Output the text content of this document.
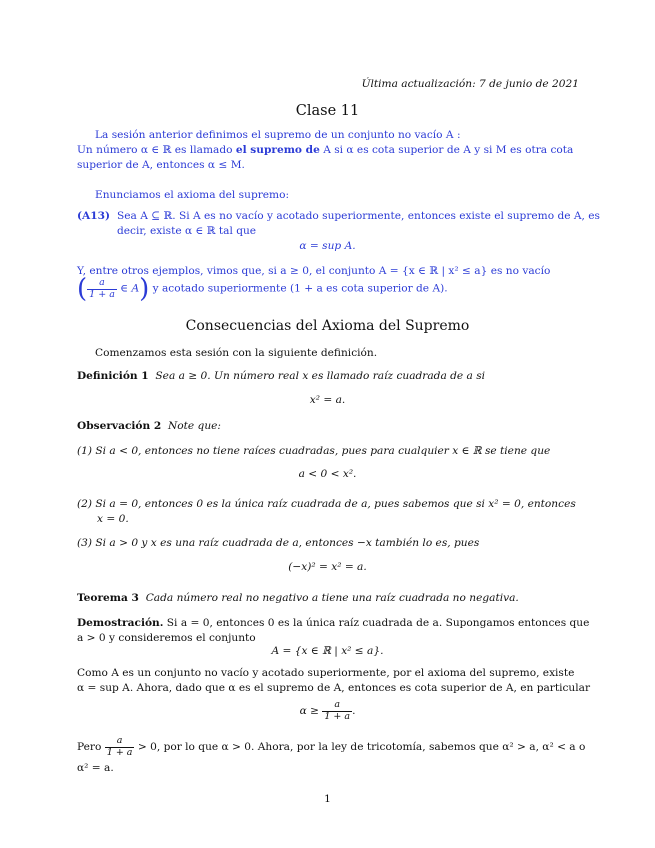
Última actualización: 7 de junio de 2021
Clase 11
La sesión anterior definimos el supremo de un conjunto no vacío A :
Un número α ∈ ℝ es llamado el supremo de A si α es cota superior de A y si M es otra cota
superior de A, entonces α ≤ M.
Enunciamos el axioma del supremo:
(A13) Sea A ⊆ ℝ. Si A es no vacío y acotado superiormente, entonces existe el supremo de A, es
decir, existe α ∈ ℝ tal que
α = sup A.
Y, entre otros ejemplos, vimos que, si a ≥ 0, el conjunto A = {x ∈ ℝ | x² ≤ a} es no vacío
( $\frac{a}{1 + a}$ ∈ A) y acotado superiormente (1 + a es cota superior de A).
Consecuencias del Axioma del Supremo
Comenzamos esta sesión con la siguiente definición.
Definición 1 Sea a ≥ 0. Un número real x es llamado raíz cuadrada de a si
x² = a.
Observación 2 Note que:
(1) Si a < 0, entonces no tiene raíces cuadradas, pues para cualquier x ∈ ℝ se tiene que
a < 0 < x².
(2) Si a = 0, entonces 0 es la única raíz cuadrada de a, pues sabemos que si x² = 0, entonces
x = 0.
(3) Si a > 0 y x es una raíz cuadrada de a, entonces −x también lo es, pues
(−x)² = x² = a.
Teorema 3 Cada número real no negativo a tiene una raíz cuadrada no negativa.
Demostración. Si a = 0, entonces 0 es la única raíz cuadrada de a. Supongamos entonces que
a > 0 y consideremos el conjunto
A = {x ∈ ℝ | x² ≤ a}.
Como A es un conjunto no vacío y acotado superiormente, por el axioma del supremo, existe
α = sup A. Ahora, dado que α es el supremo de A, entonces es cota superior de A, en particular
$\alpha \ge \frac{a}{1 + a}$ .
Pero $\frac{a}{1 + a} > 0$, por lo que α > 0. Ahora, por la ley de tricotomía, sabemos que α² > a, α² < a o
α² = a.
1
